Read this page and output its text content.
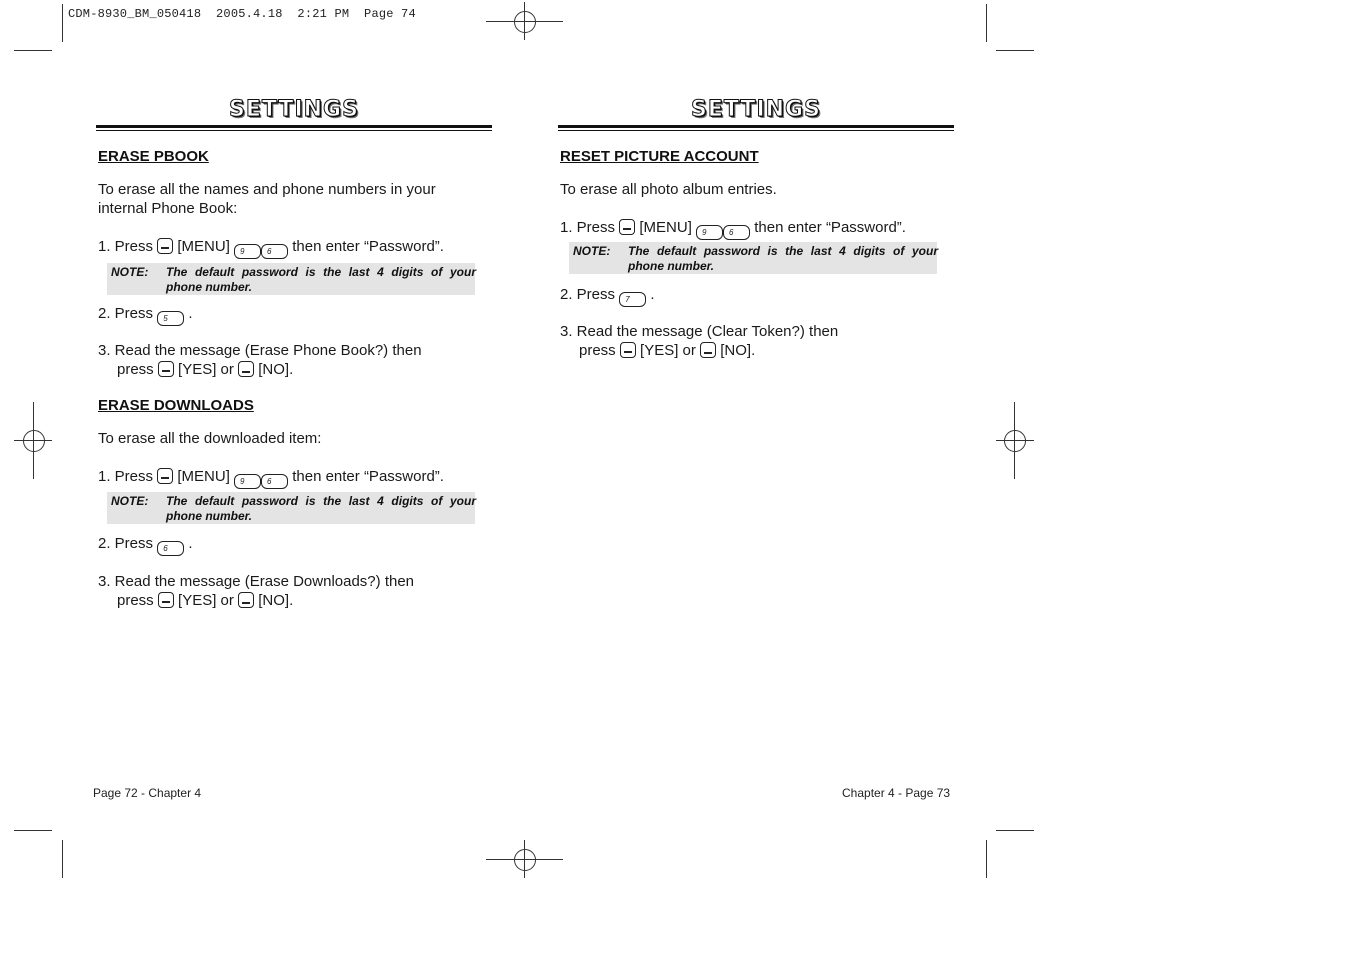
CDM-8930_BM_050418  2005.4.18  2:21 PM  Page 74
SETTINGS
ERASE PBOOK
To erase all the names and phone numbers in your
internal Phone Book:
1. Press [MENU] 9	6 then enter “Password”.
NOTE: The default password is the last 4 digits of your phone number.
2. Press 5 .
3. Read the message (Erase Phone Book?) then
press [YES] or [NO].
ERASE DOWNLOADS
To erase all the downloaded item:
1. Press [MENU] 9	6 then enter “Password”.
NOTE: The default password is the last 4 digits of your phone number.
2. Press 6 .
3. Read the message (Erase Downloads?) then
press [YES] or [NO].
Page 72 - Chapter 4
SETTINGS
RESET PICTURE ACCOUNT
To erase all photo album entries.
1. Press [MENU] 9	6 then enter “Password”.
NOTE: The default password is the last 4 digits of your phone number.
2. Press 7 .
3. Read the message (Clear Token?) then
press [YES] or [NO].
Chapter 4 - Page 73
